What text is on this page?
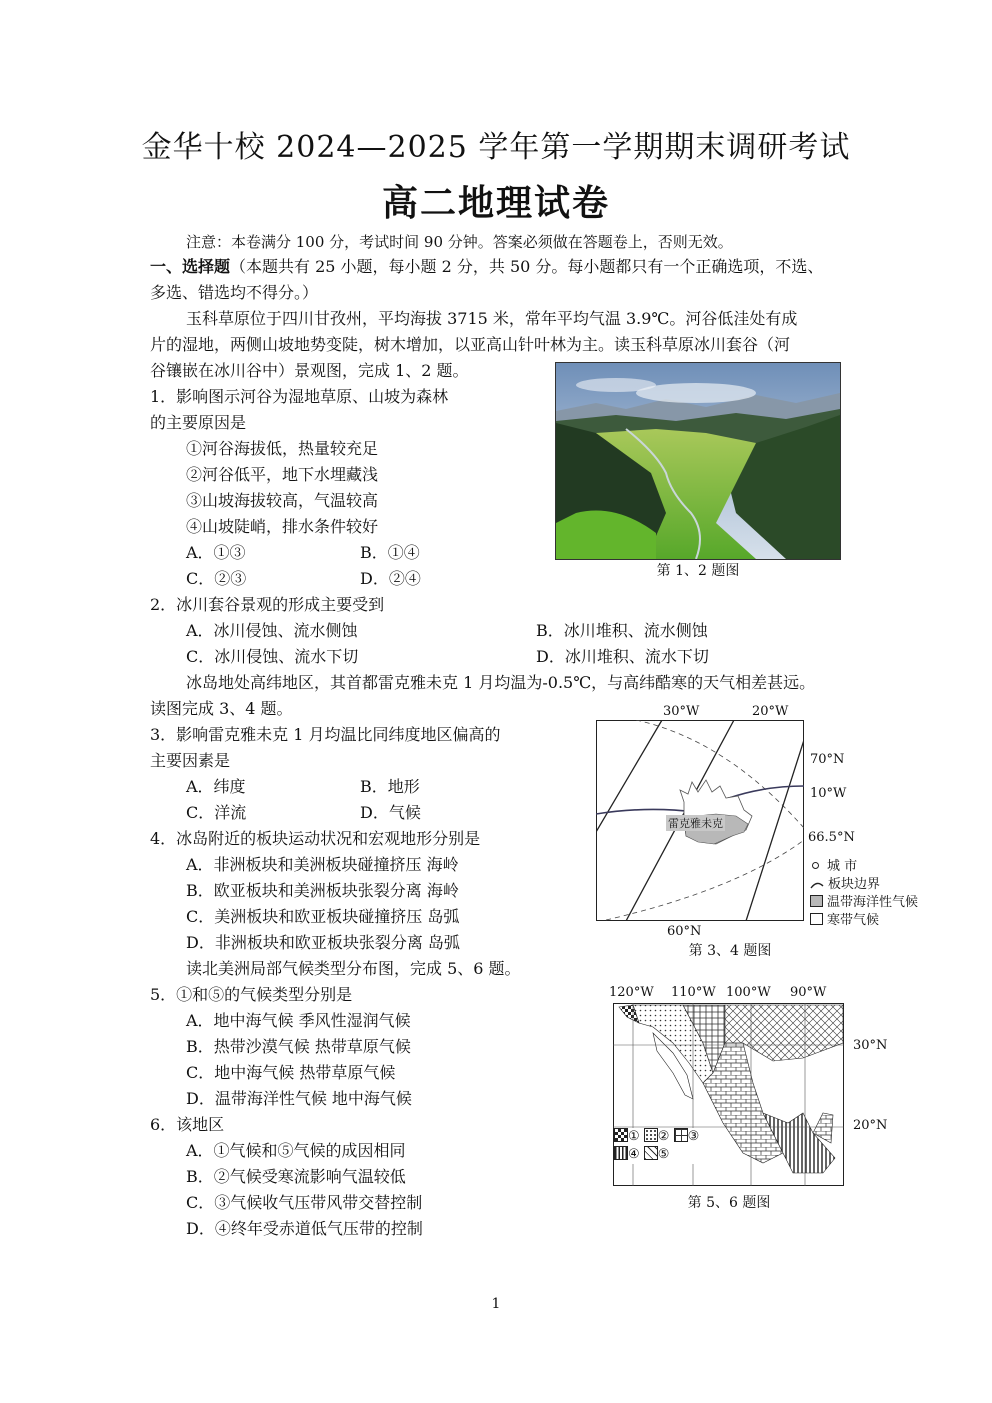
金华十校 2024—2025 学年第一学期期末调研考试
高二地理试卷
注意：本卷满分 100 分，考试时间 90 分钟。答案必须做在答题卷上，否则无效。
一、选择题（本题共有 25 小题，每小题 2 分，共 50 分。每小题都只有一个正确选项，不选、
多选、错选均不得分。）
玉科草原位于四川甘孜州，平均海拔 3715 米，常年平均气温 3.9℃。河谷低洼处有成
片的湿地，两侧山坡地势变陡，树木增加，以亚高山针叶林为主。读玉科草原冰川套谷（河
谷镶嵌在冰川谷中）景观图，完成 1、2 题。
1．影响图示河谷为湿地草原、山坡为森林
的主要原因是
①河谷海拔低，热量较充足
②河谷低平，地下水埋藏浅
③山坡海拔较高，气温较高
④山坡陡峭，排水条件较好
A．①③	B．①④
C．②③	D．②④	第 1、2 题图
2．冰川套谷景观的形成主要受到
A．冰川侵蚀、流水侧蚀	B．冰川堆积、流水侧蚀
C．冰川侵蚀、流水下切	D．冰川堆积、流水下切
冰岛地处高纬地区，其首都雷克雅未克 1 月均温为-0.5℃，与高纬酷寒的天气相差甚远。
读图完成 3、4 题。
3．影响雷克雅未克 1 月均温比同纬度地区偏高的
主要因素是
A．纬度	B．地形
C．洋流	D．气候
4．冰岛附近的板块运动状况和宏观地形分别是
A．非洲板块和美洲板块碰撞挤压 海岭
B．欧亚板块和美洲板块张裂分离 海岭
C．美洲板块和欧亚板块碰撞挤压 岛弧
D．非洲板块和欧亚板块张裂分离 岛弧
30°W	20°W
雷克雅未克
70°N
10°W
66.5°N
60°N
城 市
板块边界
温带海洋性气候
寒带气候
第 3、4 题图
读北美洲局部气候类型分布图，完成 5、6 题。
5．①和⑤的气候类型分别是
A．地中海气候 季风性湿润气候
B．热带沙漠气候 热带草原气候
C．地中海气候 热带草原气候
D．温带海洋性气候 地中海气候
6．该地区
A．①气候和⑤气候的成因相同
B．②气候受寒流影响气温较低
C．③气候收气压带风带交替控制
D．④终年受赤道低气压带的控制
120°W 110°W 100°W 90°W
30°N
20°N
① ② ③
④ ⑤
第 5、6 题图
1
